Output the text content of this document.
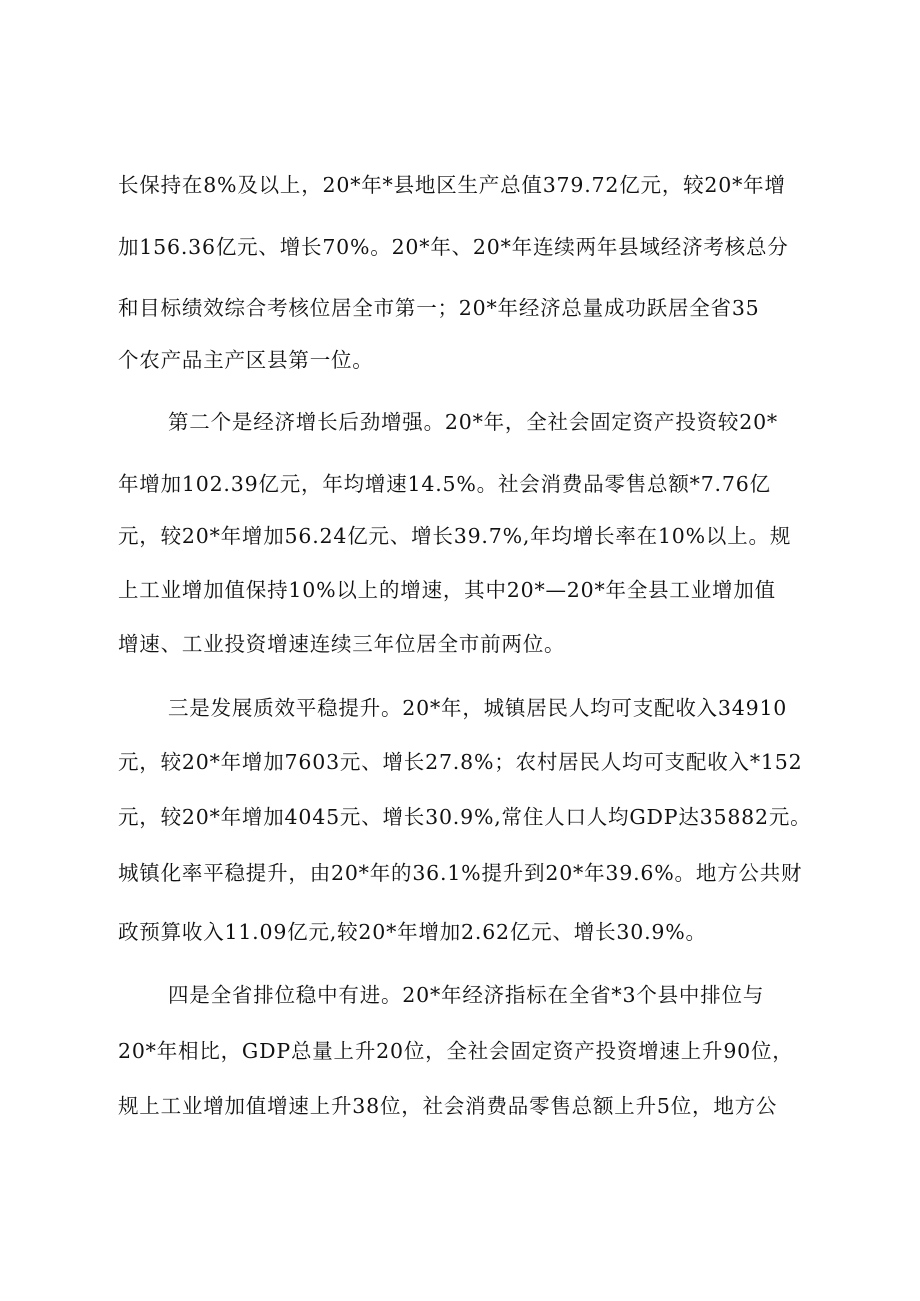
长保持在8%及以上，20*年*县地区生产总值379.72亿元，较20*年增
加156.36亿元、增长70%。20*年、20*年连续两年县域经济考核总分
和目标绩效综合考核位居全市第一；20*年经济总量成功跃居全省35
个农产品主产区县第一位。
第二个是经济增长后劲增强。20*年，全社会固定资产投资较20*
年增加102.39亿元，年均增速14.5%。社会消费品零售总额*7.76亿
元，较20*年增加56.24亿元、增长39.7%,年均增长率在10%以上。规
上工业增加值保持10%以上的增速，其中20*—20*年全县工业增加值
增速、工业投资增速连续三年位居全市前两位。
三是发展质效平稳提升。20*年，城镇居民人均可支配收入34910
元，较20*年增加7603元、增长27.8%；农村居民人均可支配收入*152
元，较20*年增加4045元、增长30.9%,常住人口人均GDP达35882元。
城镇化率平稳提升，由20*年的36.1%提升到20*年39.6%。地方公共财
政预算收入11.09亿元,较20*年增加2.62亿元、增长30.9%。
四是全省排位稳中有进。20*年经济指标在全省*3个县中排位与
20*年相比，GDP总量上升20位，全社会固定资产投资增速上升90位，
规上工业增加值增速上升38位，社会消费品零售总额上升5位，地方公
